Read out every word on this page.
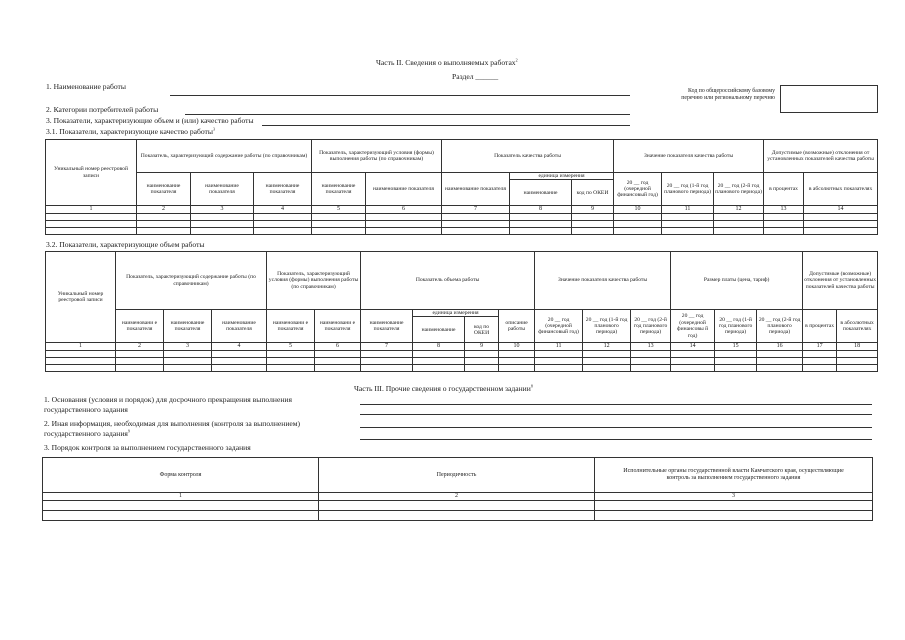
Часть II. Сведения о выполняемых работах$^2$
Раздел ______
1. Наименование работы	Код по общероссийскому базовому
перечню или региональному перечню
2. Категории потребителей работы
3. Показатели, характеризующие объем и (или) качество работы
3.1. Показатели, характеризующие качество работы$^3$
Уникальный номер реестровой записи	Показатель, характеризующий содержание работы (по справочникам)			Показатель, характеризующий условия (формы) выполнения работы (по справочникам)		Показатель качества работы			Значение показателя качества работы			Допустимые (возможные) отклонения от установленных показателей качества работы	
	наименование показателя	наименование показателя	наименование показателя	наименование показателя	наименование показателя	наименование показателя	единица измерения		20 __ год (очередной финансовый год)	20 __ год (1-й год планового периода)	20 __ год (2-й год планового периода)	в процентах	в абсолютных показателях
							наименование	код по ОКЕИ					
1	2	3	4	5	6	7	8	9	10	11	12	13	14

3.2. Показатели, характеризующие объем работы
Уникальный номер реестровой записи	Показатель, характеризующий содержание работы (по справочникам)			Показатель, характеризующий условия (формы) выполнения работы (по справочникам)		Показатель объема работы				Значение показателя качества работы			Размер платы (цена, тариф)			Допустимые (возможные) отклонения от установленных показателей качества работы	
	наименовани е показателя	наименование показателя	наименование показателя	наименовани е показателя	наименовани е показателя	наименование показателя	единица измерения		описание работы	20 __ год (очередной финансовый год)	20 __ год (1-й год планового периода)	20 __ год (2-й год планового периода)	20 __ год (очередной финансовы й год)	20 __ год (1-й год планового периода)	20 __ год (2-й год планового периода)	в процентах	в абсолютных показателях
							наименование	код по ОКЕИ									
1	2	3	4	5	6	7	8	9	10	11	12	13	14	15	16	17	18

Часть III. Прочие сведения о государственном задании$^8$
1. Основания (условия и порядок) для досрочного прекращения выполнения
государственного задания
2. Иная информация, необходимая для выполнения (контроля за выполнением)
государственного задания$^9$
3. Порядок контроля за выполнением государственного задания
Форма контроля	Периодичность	Исполнительные органы государственной власти Камчатского края, осуществляющие контроль за выполнением государственного задания
1	2	3
